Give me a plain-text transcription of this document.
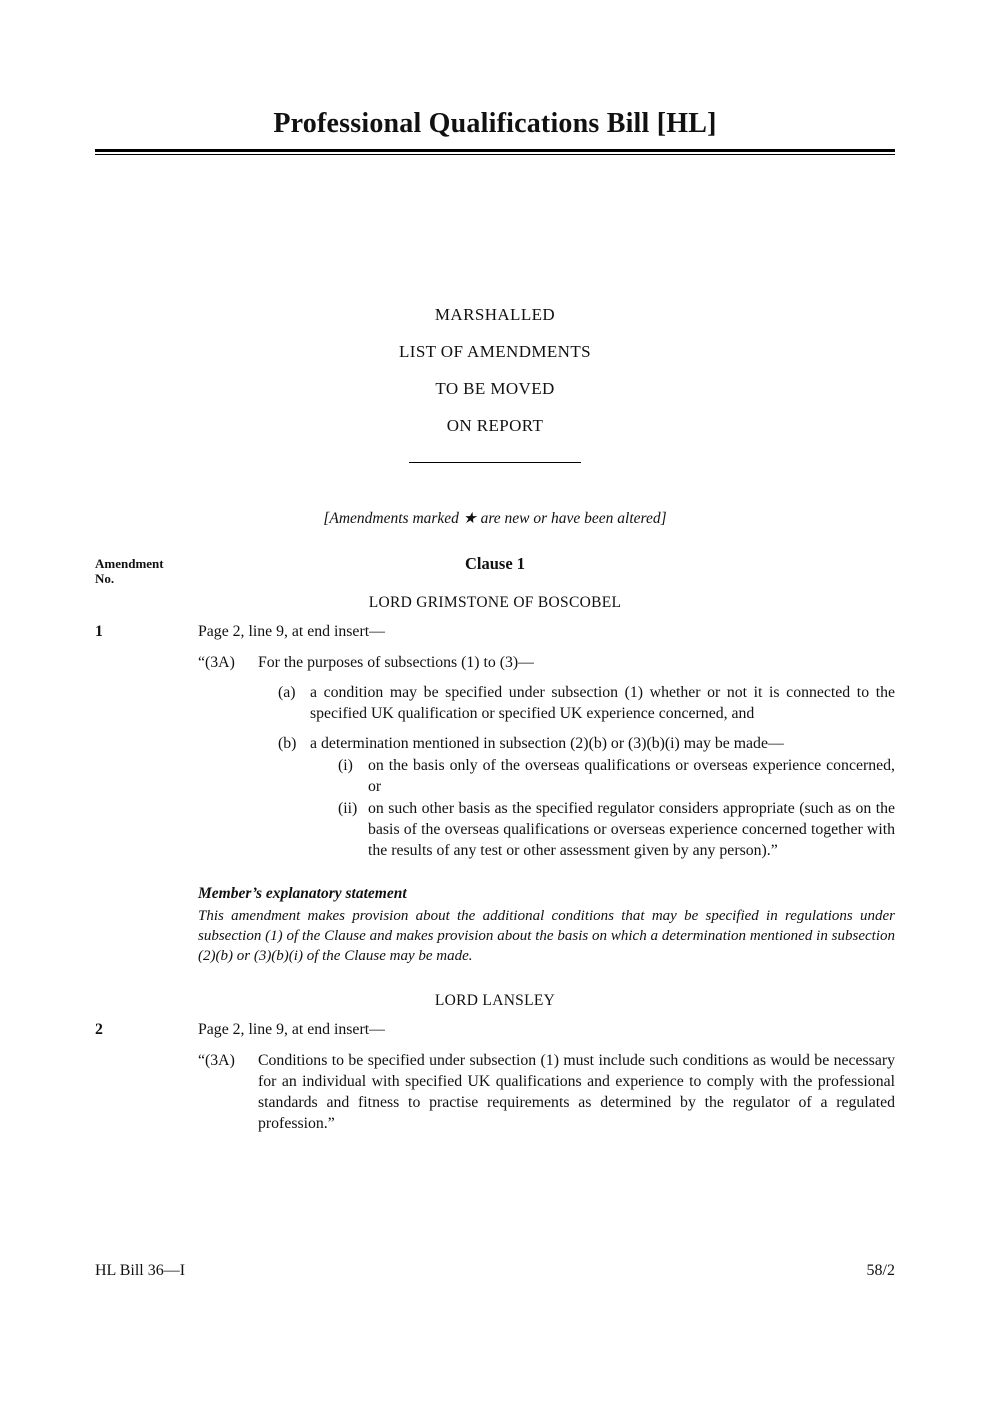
Professional Qualifications Bill [HL]
MARSHALLED
LIST OF AMENDMENTS
TO BE MOVED
ON REPORT
[Amendments marked ★ are new or have been altered]
Amendment
No.
Clause 1
LORD GRIMSTONE OF BOSCOBEL
1	Page 2, line 9, at end insert—
“(3A)	For the purposes of subsections (1) to (3)—
(a) a condition may be specified under subsection (1) whether or not it is connected to the specified UK qualification or specified UK experience concerned, and
(b) a determination mentioned in subsection (2)(b) or (3)(b)(i) may be made—
(i) on the basis only of the overseas qualifications or overseas experience concerned, or
(ii) on such other basis as the specified regulator considers appropriate (such as on the basis of the overseas qualifications or overseas experience concerned together with the results of any test or other assessment given by any person).”
Member’s explanatory statement
This amendment makes provision about the additional conditions that may be specified in regulations under subsection (1) of the Clause and makes provision about the basis on which a determination mentioned in subsection (2)(b) or (3)(b)(i) of the Clause may be made.
LORD LANSLEY
2	Page 2, line 9, at end insert—
“(3A)	Conditions to be specified under subsection (1) must include such conditions as would be necessary for an individual with specified UK qualifications and experience to comply with the professional standards and fitness to practise requirements as determined by the regulator of a regulated profession.”
HL Bill 36—I	58/2
